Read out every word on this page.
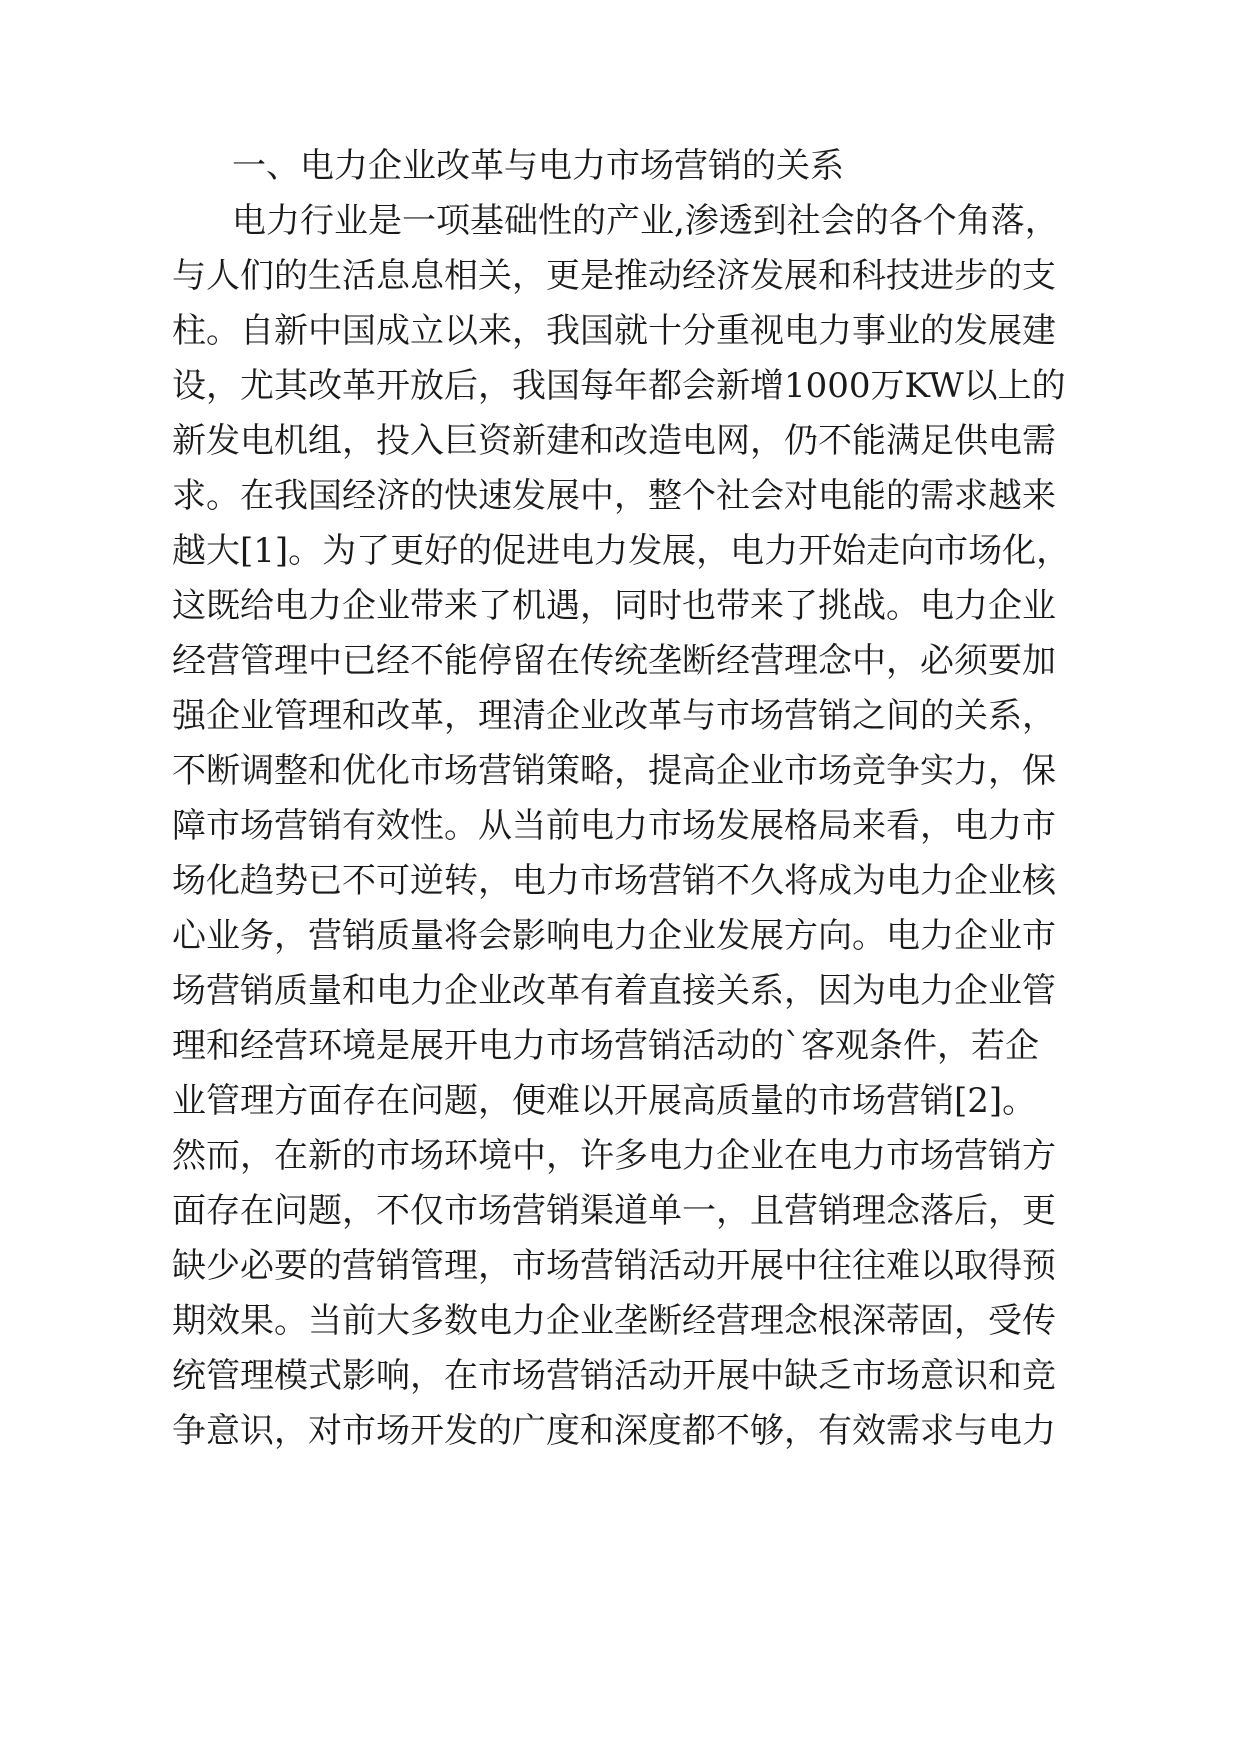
一、电力企业改革与电力市场营销的关系
电力行业是一项基础性的产业,渗透到社会的各个角落，
与人们的生活息息相关，更是推动经济发展和科技进步的支
柱。自新中国成立以来，我国就十分重视电力事业的发展建
设，尤其改革开放后，我国每年都会新增1000万KW以上的
新发电机组，投入巨资新建和改造电网，仍不能满足供电需
求。在我国经济的快速发展中，整个社会对电能的需求越来
越大[1]。为了更好的促进电力发展，电力开始走向市场化，
这既给电力企业带来了机遇，同时也带来了挑战。电力企业
经营管理中已经不能停留在传统垄断经营理念中，必须要加
强企业管理和改革，理清企业改革与市场营销之间的关系，
不断调整和优化市场营销策略，提高企业市场竞争实力，保
障市场营销有效性。从当前电力市场发展格局来看，电力市
场化趋势已不可逆转，电力市场营销不久将成为电力企业核
心业务，营销质量将会影响电力企业发展方向。电力企业市
场营销质量和电力企业改革有着直接关系，因为电力企业管
理和经营环境是展开电力市场营销活动的`客观条件，若企
业管理方面存在问题，便难以开展高质量的市场营销[2]。
然而，在新的市场环境中，许多电力企业在电力市场营销方
面存在问题，不仅市场营销渠道单一，且营销理念落后，更
缺少必要的营销管理，市场营销活动开展中往往难以取得预
期效果。当前大多数电力企业垄断经营理念根深蒂固，受传
统管理模式影响，在市场营销活动开展中缺乏市场意识和竞
争意识，对市场开发的广度和深度都不够，有效需求与电力
